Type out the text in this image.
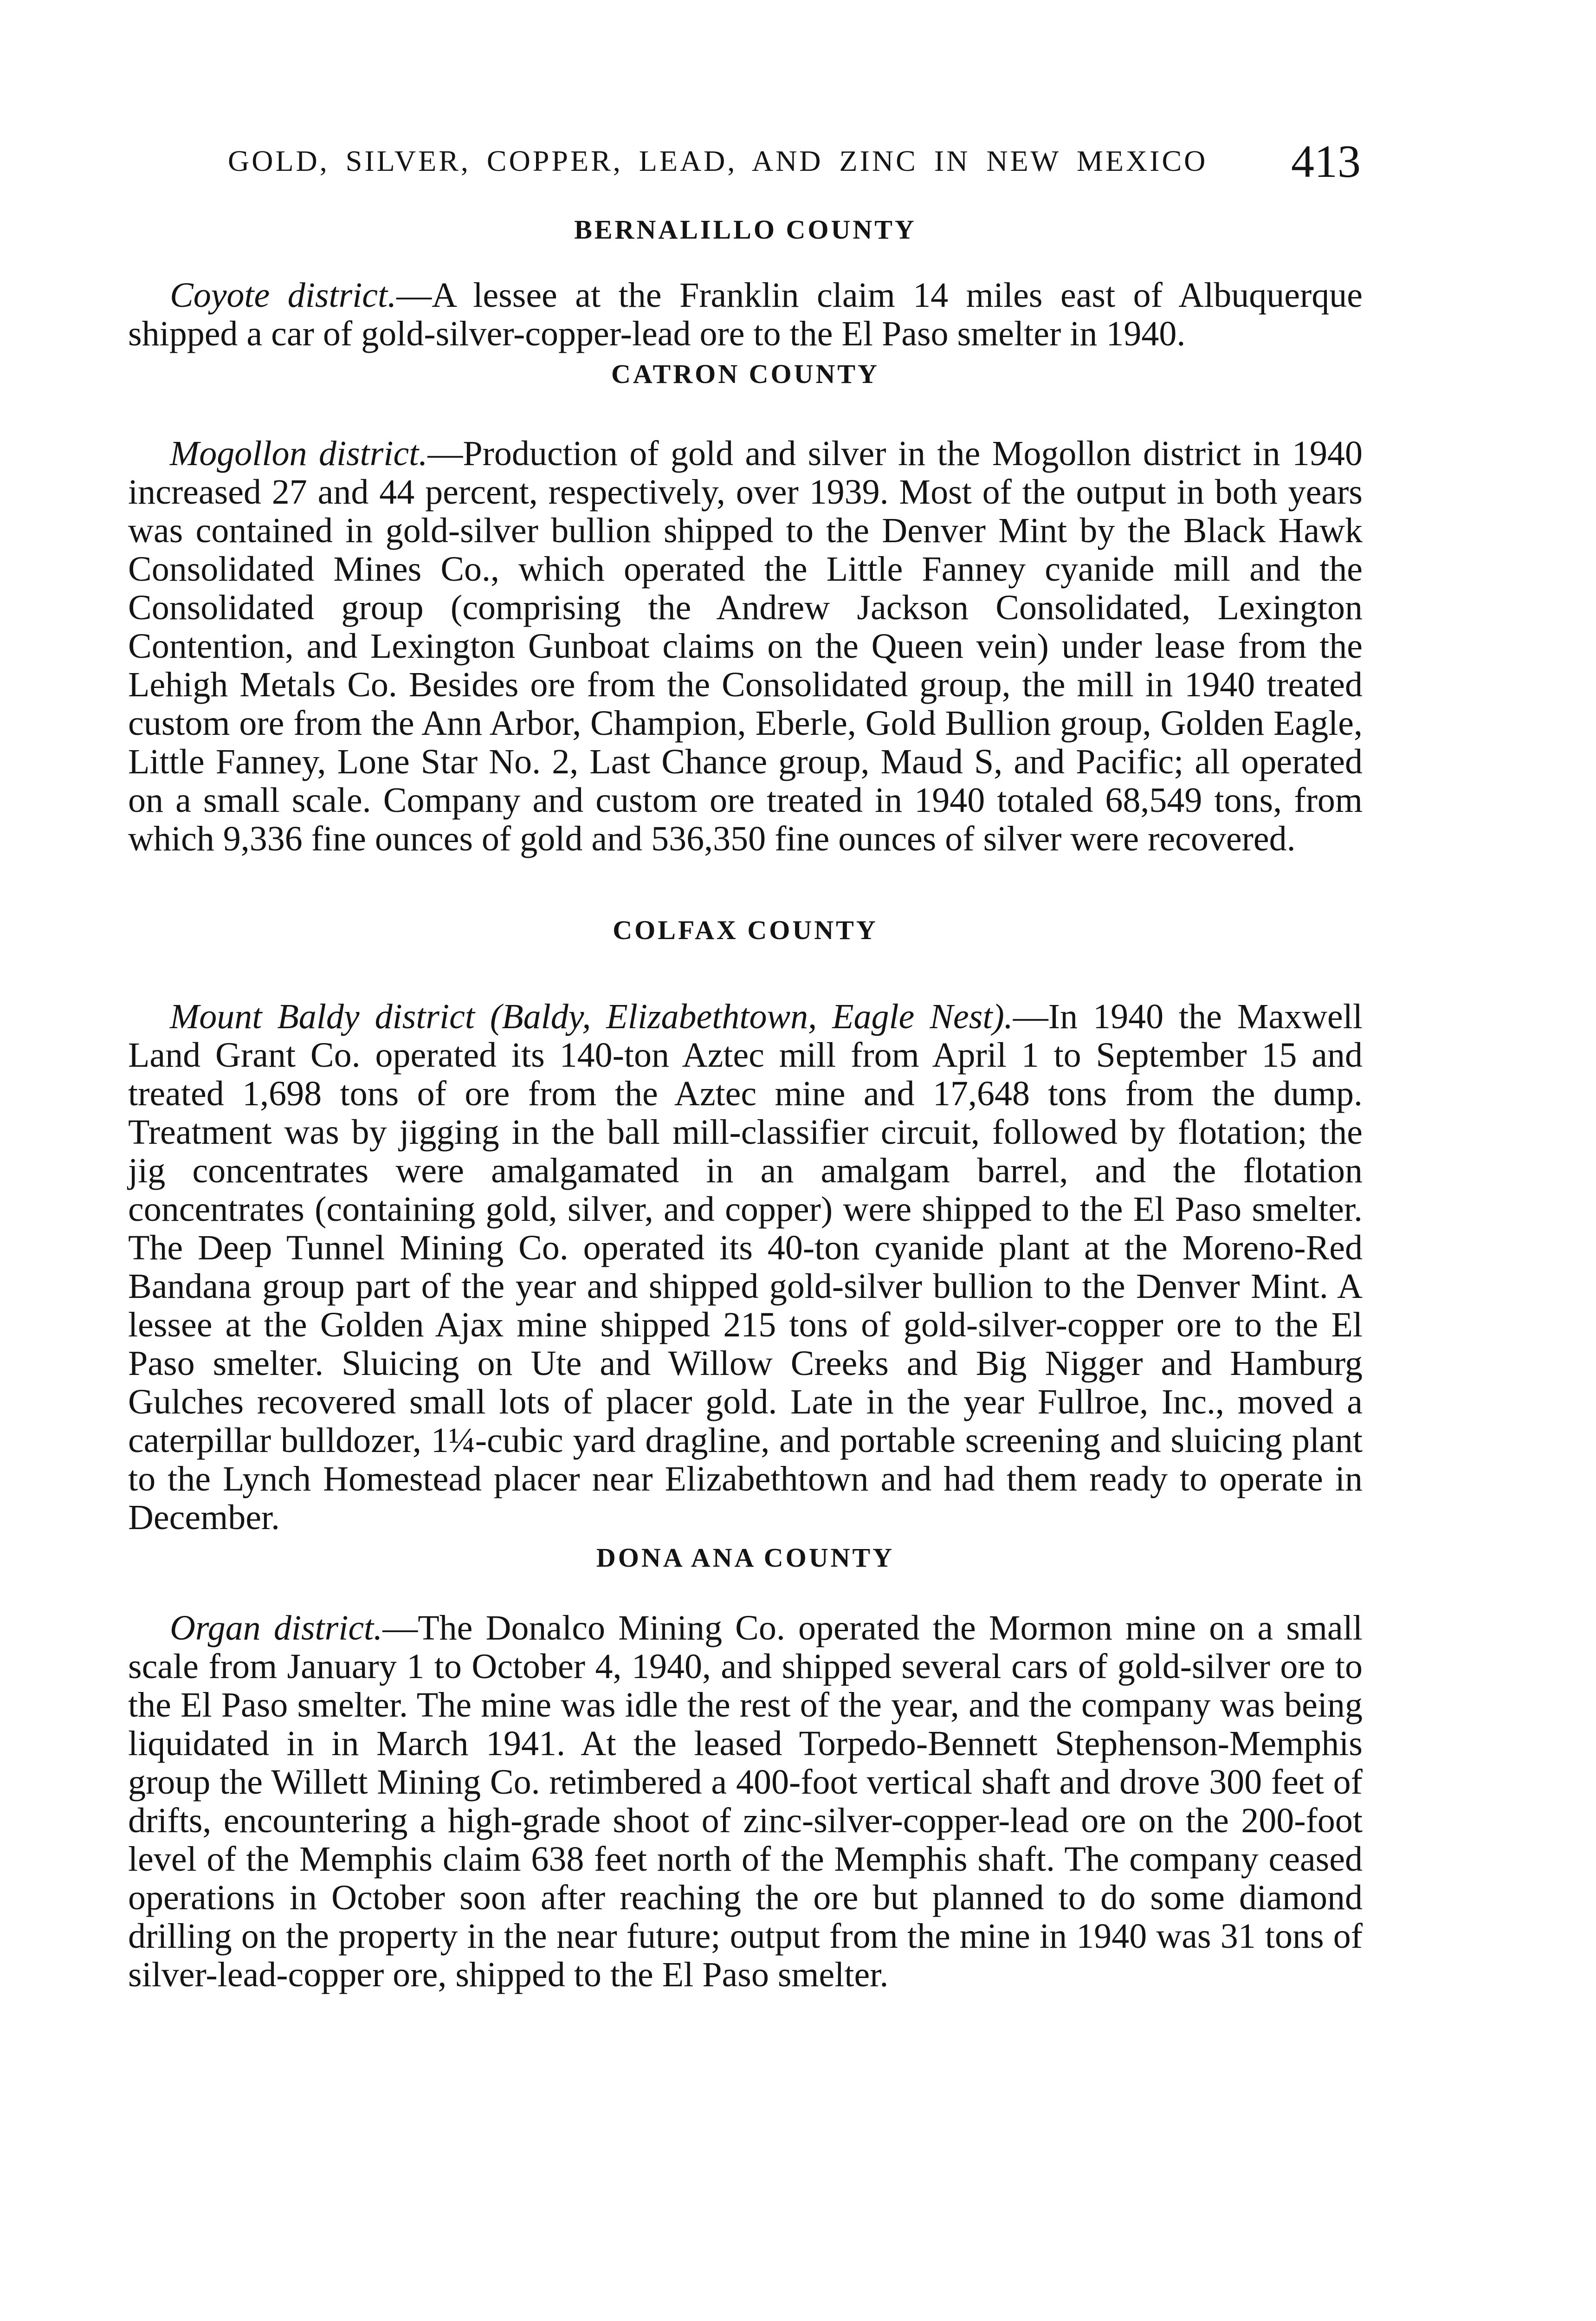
GOLD, SILVER, COPPER, LEAD, AND ZINC IN NEW MEXICO 413
BERNALILLO COUNTY

Coyote district.—A lessee at the Franklin claim 14 miles east of Albuquerque shipped a car of gold-silver-copper-lead ore to the El Paso smelter in 1940.

CATRON COUNTY

Mogollon district.—Production of gold and silver in the Mogollon district in 1940 increased 27 and 44 percent, respectively, over 1939. Most of the output in both years was contained in gold-silver bullion shipped to the Denver Mint by the Black Hawk Consolidated Mines Co., which operated the Little Fanney cyanide mill and the Consolidated group (comprising the Andrew Jackson Consolidated, Lexington Contention, and Lexington Gunboat claims on the Queen vein) under lease from the Lehigh Metals Co. Besides ore from the Consolidated group, the mill in 1940 treated custom ore from the Ann Arbor, Champion, Eberle, Gold Bullion group, Golden Eagle, Little Fanney, Lone Star No. 2, Last Chance group, Maud S, and Pacific; all operated on a small scale. Company and custom ore treated in 1940 totaled 68,549 tons, from which 9,336 fine ounces of gold and 536,350 fine ounces of silver were recovered.

COLFAX COUNTY

Mount Baldy district (Baldy, Elizabethtown, Eagle Nest).—In 1940 the Maxwell Land Grant Co. operated its 140-ton Aztec mill from April 1 to September 15 and treated 1,698 tons of ore from the Aztec mine and 17,648 tons from the dump. Treatment was by jigging in the ball mill-classifier circuit, followed by flotation; the jig concentrates were amalgamated in an amalgam barrel, and the flotation concentrates (containing gold, silver, and copper) were shipped to the El Paso smelter. The Deep Tunnel Mining Co. operated its 40-ton cyanide plant at the Moreno-Red Bandana group part of the year and shipped gold-silver bullion to the Denver Mint. A lessee at the Golden Ajax mine shipped 215 tons of gold-silver-copper ore to the El Paso smelter. Sluicing on Ute and Willow Creeks and Big Nigger and Hamburg Gulches recovered small lots of placer gold. Late in the year Fullroe, Inc., moved a caterpillar bulldozer, 1¼-cubic yard dragline, and portable screening and sluicing plant to the Lynch Homestead placer near Elizabethtown and had them ready to operate in December.

DONA ANA COUNTY

Organ district.—The Donalco Mining Co. operated the Mormon mine on a small scale from January 1 to October 4, 1940, and shipped several cars of gold-silver ore to the El Paso smelter. The mine was idle the rest of the year, and the company was being liquidated in in March 1941. At the leased Torpedo-Bennett Stephenson-Memphis group the Willett Mining Co. retimbered a 400-foot vertical shaft and drove 300 feet of drifts, encountering a high-grade shoot of zinc-silver-copper-lead ore on the 200-foot level of the Memphis claim 638 feet north of the Memphis shaft. The company ceased operations in October soon after reaching the ore but planned to do some diamond drilling on the property in the near future; output from the mine in 1940 was 31 tons of silver-lead-copper ore, shipped to the El Paso smelter.
